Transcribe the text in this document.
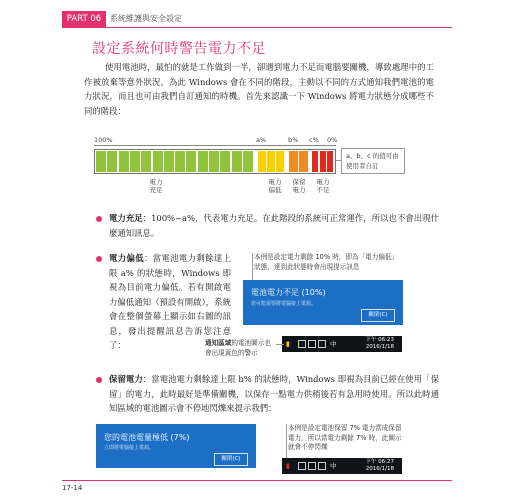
PART 06	系統維護與安全設定
設定系統何時警告電力不足
使用電池時，最怕的就是工作做到一半，卻遇到電力不足而電腦要關機，導致處理中的工作被放棄等意外狀況。為此 Windows 會在不同的階段，主動以不同的方式通知我們電池的電力狀況，而且也可由我們自訂通知的時機。首先來認識一下 Windows 將電力狀態分成哪些不同的階段：
100%	a%	b% c% 0%
電力
充足
電力
偏低
保留
電力
電力
不足
a、b、c 的值可由使用者自訂
電力充足：100%~a%，代表電力充足。在此階段的系統可正常運作，所以也不會出現什麼通知訊息。
電力偏低：當電池電力剩餘達上限 a% 的狀態時，Windows 即視為目前電力偏低。若有開啟電力偏低通知（預設有開啟），系統會在整個螢幕上顯示如右圖的訊息，發出提醒訊息告訴您注意了：
本例是設定電力剩餘 10% 時，即為「電力偏低」狀態，達到此狀態時會出現提示訊息
電池電力不足 (10%)
您可能需要將電腦接上電源。
關閉(C)
▮	中	下午 06:23
2016/1/18
通知區域的電池圖示也會出現黃色的警示
保留電力：當電池電力剩餘達上限 b% 的狀態時，Windows 即視為目前已經在使用「保留」的電力，此時最好是準備關機，以保存一點電力供稍後若有急用時使用。所以此時通知區域的電池圖示會不停地閃爍來提示我們：
您的電池電量極低 (7%)
立即將電腦接上電源。
關閉(C)
本例是設定電池保留 7% 電力當成保留電力，所以當電力剩餘 7% 時，此圖示就會不停閃爍
▮	中	下午 06:27
2016/1/18
17-14
